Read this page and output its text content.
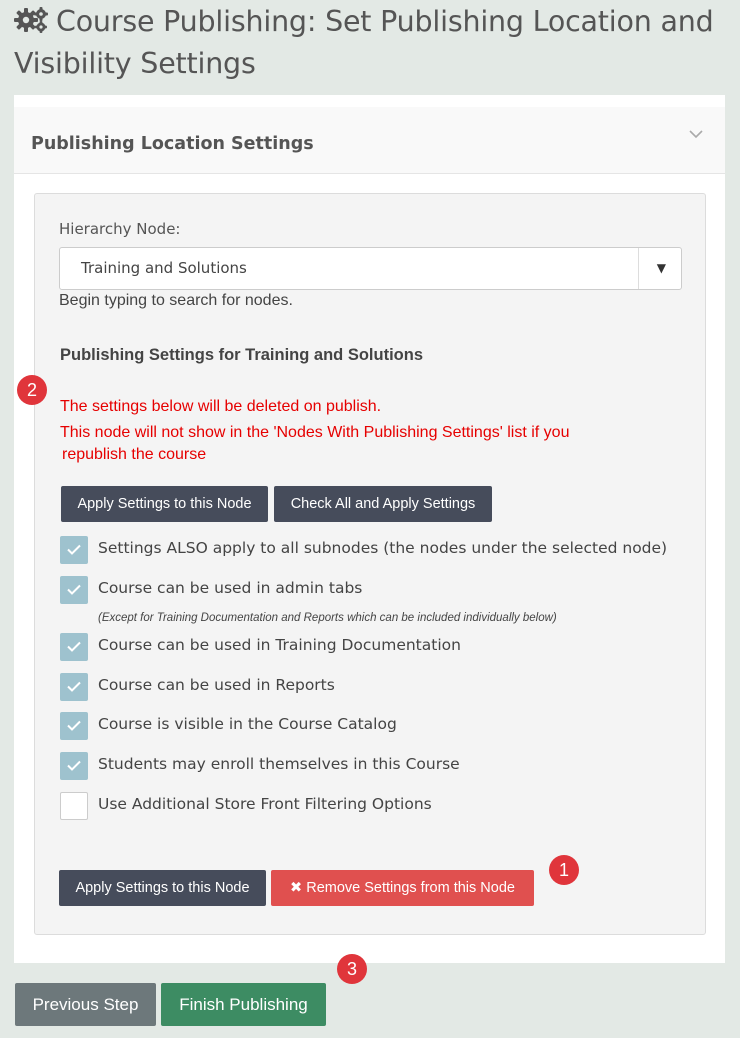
Course Publishing: Set Publishing Location and Visibility Settings
Publishing Location Settings
Hierarchy Node:
Training and Solutions	▼
Begin typing to search for nodes.
Publishing Settings for Training and Solutions
The settings below will be deleted on publish.
This node will not show in the 'Nodes With Publishing Settings' list if you
republish the course
Apply Settings to this Node	Check All and Apply Settings
Settings ALSO apply to all subnodes (the nodes under the selected node)
Course can be used in admin tabs
(Except for Training Documentation and Reports which can be included individually below)
Course can be used in Training Documentation
Course can be used in Reports
Course is visible in the Course Catalog
Students may enroll themselves in this Course
Use Additional Store Front Filtering Options
Apply Settings to this Node	✖ Remove Settings from this Node
2
1
3
Previous Step	Finish Publishing
